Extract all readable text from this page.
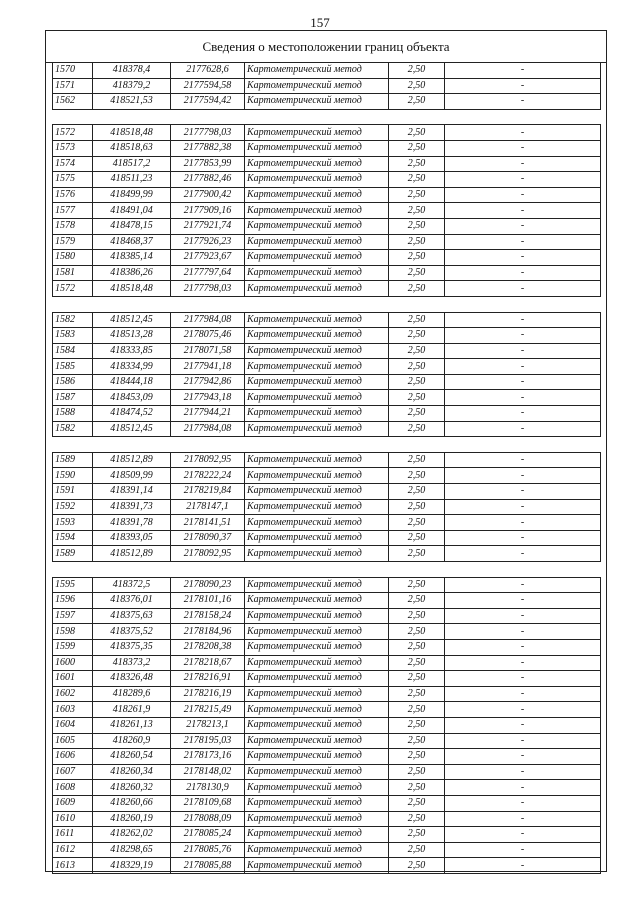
157
Сведения о местоположении границ объекта
1570	418378,4	2177628,6	Картометрический метод	2,50	-
1571	418379,2	2177594,58	Картометрический метод	2,50	-
1562	418521,53	2177594,42	Картометрический метод	2,50	-

1572	418518,48	2177798,03	Картометрический метод	2,50	-
1573	418518,63	2177882,38	Картометрический метод	2,50	-
1574	418517,2	2177853,99	Картометрический метод	2,50	-
1575	418511,23	2177882,46	Картометрический метод	2,50	-
1576	418499,99	2177900,42	Картометрический метод	2,50	-
1577	418491,04	2177909,16	Картометрический метод	2,50	-
1578	418478,15	2177921,74	Картометрический метод	2,50	-
1579	418468,37	2177926,23	Картометрический метод	2,50	-
1580	418385,14	2177923,67	Картометрический метод	2,50	-
1581	418386,26	2177797,64	Картометрический метод	2,50	-
1572	418518,48	2177798,03	Картометрический метод	2,50	-

1582	418512,45	2177984,08	Картометрический метод	2,50	-
1583	418513,28	2178075,46	Картометрический метод	2,50	-
1584	418333,85	2178071,58	Картометрический метод	2,50	-
1585	418334,99	2177941,18	Картометрический метод	2,50	-
1586	418444,18	2177942,86	Картометрический метод	2,50	-
1587	418453,09	2177943,18	Картометрический метод	2,50	-
1588	418474,52	2177944,21	Картометрический метод	2,50	-
1582	418512,45	2177984,08	Картометрический метод	2,50	-

1589	418512,89	2178092,95	Картометрический метод	2,50	-
1590	418509,99	2178222,24	Картометрический метод	2,50	-
1591	418391,14	2178219,84	Картометрический метод	2,50	-
1592	418391,73	2178147,1	Картометрический метод	2,50	-
1593	418391,78	2178141,51	Картометрический метод	2,50	-
1594	418393,05	2178090,37	Картометрический метод	2,50	-
1589	418512,89	2178092,95	Картометрический метод	2,50	-

1595	418372,5	2178090,23	Картометрический метод	2,50	-
1596	418376,01	2178101,16	Картометрический метод	2,50	-
1597	418375,63	2178158,24	Картометрический метод	2,50	-
1598	418375,52	2178184,96	Картометрический метод	2,50	-
1599	418375,35	2178208,38	Картометрический метод	2,50	-
1600	418373,2	2178218,67	Картометрический метод	2,50	-
1601	418326,48	2178216,91	Картометрический метод	2,50	-
1602	418289,6	2178216,19	Картометрический метод	2,50	-
1603	418261,9	2178215,49	Картометрический метод	2,50	-
1604	418261,13	2178213,1	Картометрический метод	2,50	-
1605	418260,9	2178195,03	Картометрический метод	2,50	-
1606	418260,54	2178173,16	Картометрический метод	2,50	-
1607	418260,34	2178148,02	Картометрический метод	2,50	-
1608	418260,32	2178130,9	Картометрический метод	2,50	-
1609	418260,66	2178109,68	Картометрический метод	2,50	-
1610	418260,19	2178088,09	Картометрический метод	2,50	-
1611	418262,02	2178085,24	Картометрический метод	2,50	-
1612	418298,65	2178085,76	Картометрический метод	2,50	-
1613	418329,19	2178085,88	Картометрический метод	2,50	-
